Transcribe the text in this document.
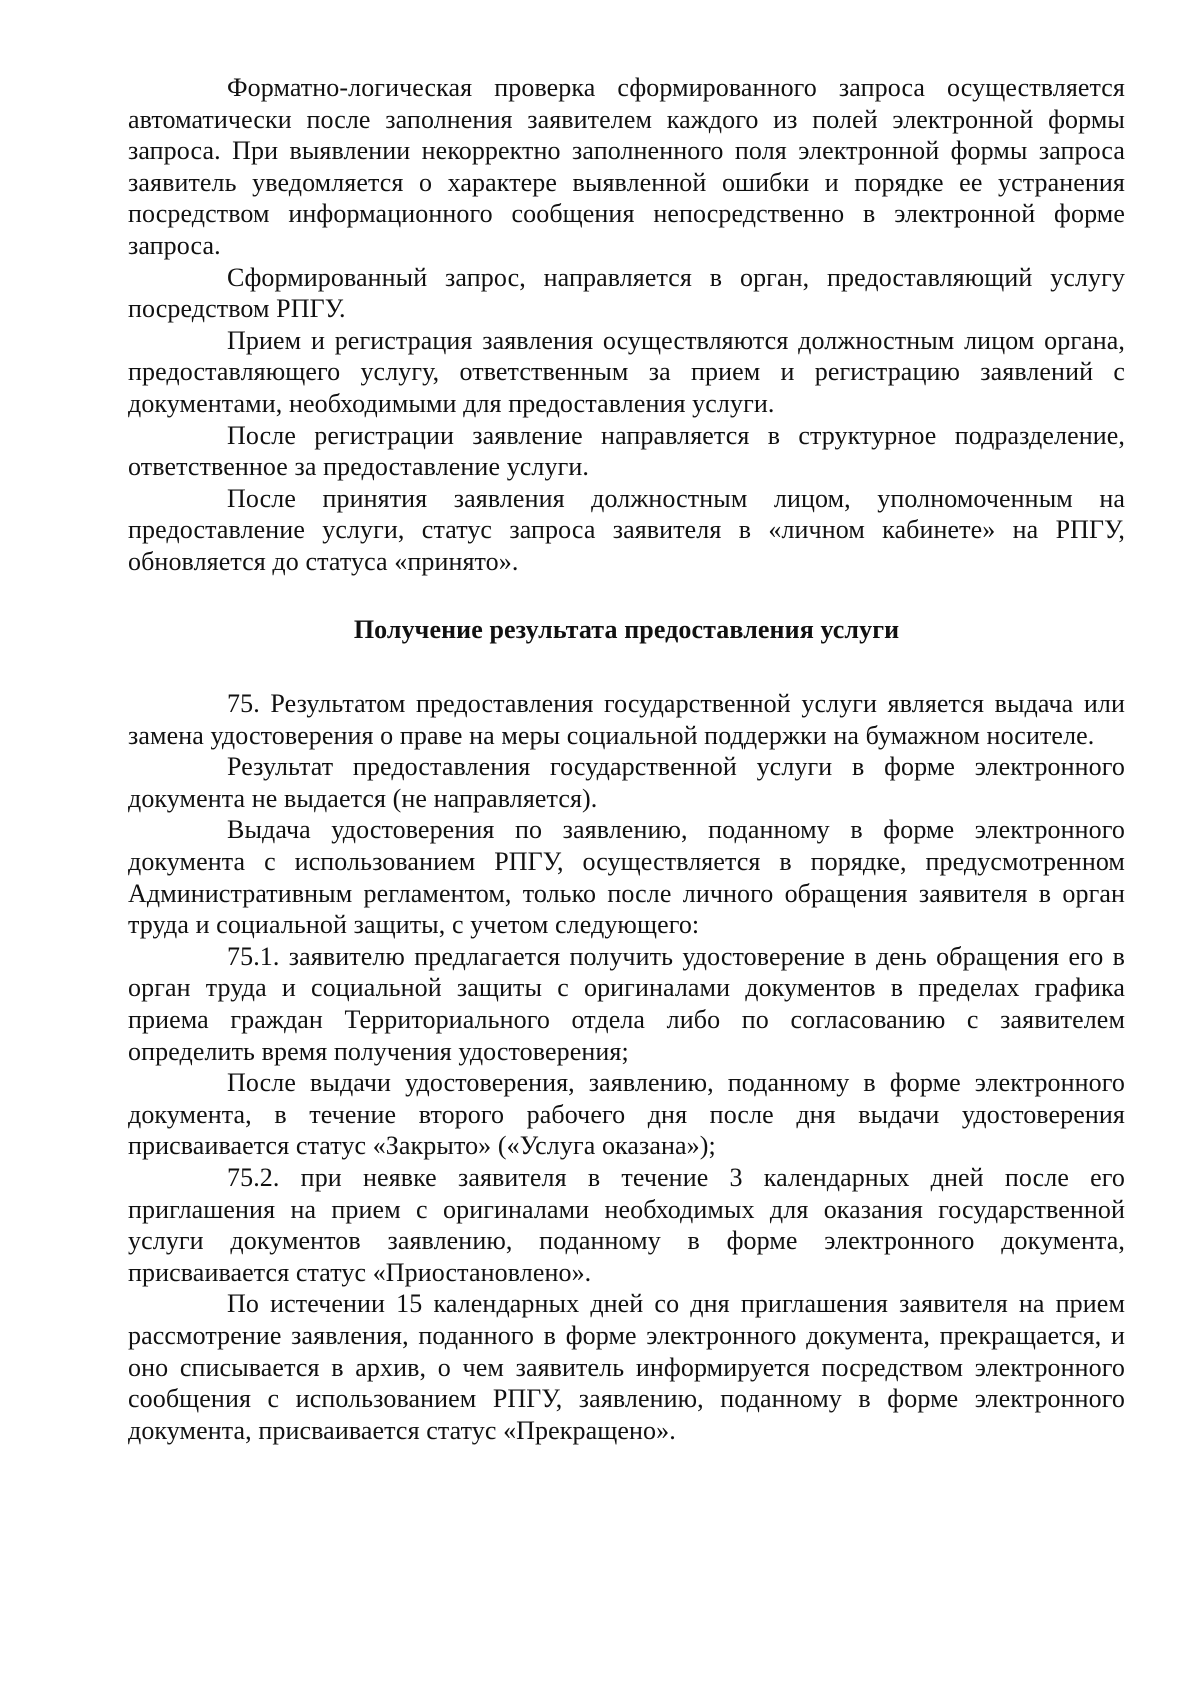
Форматно-логическая проверка сформированного запроса осуществляется автоматически после заполнения заявителем каждого из полей электронной формы запроса. При выявлении некорректно заполненного поля электронной формы запроса заявитель уведомляется о характере выявленной ошибки и порядке ее устранения посредством информационного сообщения непосредственно в электронной форме запроса.

Сформированный запрос, направляется в орган, предоставляющий услугу посредством РПГУ.

Прием и регистрация заявления осуществляются должностным лицом органа, предоставляющего услугу, ответственным за прием и регистрацию заявлений с документами, необходимыми для предоставления услуги.

После регистрации заявление направляется в структурное подразделение, ответственное за предоставление услуги.

После принятия заявления должностным лицом, уполномоченным на предоставление услуги, статус запроса заявителя в «личном кабинете» на РПГУ, обновляется до статуса «принято».

Получение результата предоставления услуги

75. Результатом предоставления государственной услуги является выдача или замена удостоверения о праве на меры социальной поддержки на бумажном носителе.

Результат предоставления государственной услуги в форме электронного документа не выдается (не направляется).

Выдача удостоверения по заявлению, поданному в форме электронного документа с использованием РПГУ, осуществляется в порядке, предусмотренном Административным регламентом, только после личного обращения заявителя в орган труда и социальной защиты, с учетом следующего:

75.1. заявителю предлагается получить удостоверение в день обращения его в орган труда и социальной защиты с оригиналами документов в пределах графика приема граждан Территориального отдела либо по согласованию с заявителем определить время получения удостоверения;

После выдачи удостоверения, заявлению, поданному в форме электронного документа, в течение второго рабочего дня после дня выдачи удостоверения присваивается статус «Закрыто» («Услуга оказана»);

75.2. при неявке заявителя в течение 3 календарных дней после его приглашения на прием с оригиналами необходимых для оказания государственной услуги документов заявлению, поданному в форме электронного документа, присваивается статус «Приостановлено».

По истечении 15 календарных дней со дня приглашения заявителя на прием рассмотрение заявления, поданного в форме электронного документа, прекращается, и оно списывается в архив, о чем заявитель информируется посредством электронного сообщения с использованием РПГУ, заявлению, поданному в форме электронного документа, присваивается статус «Прекращено».
